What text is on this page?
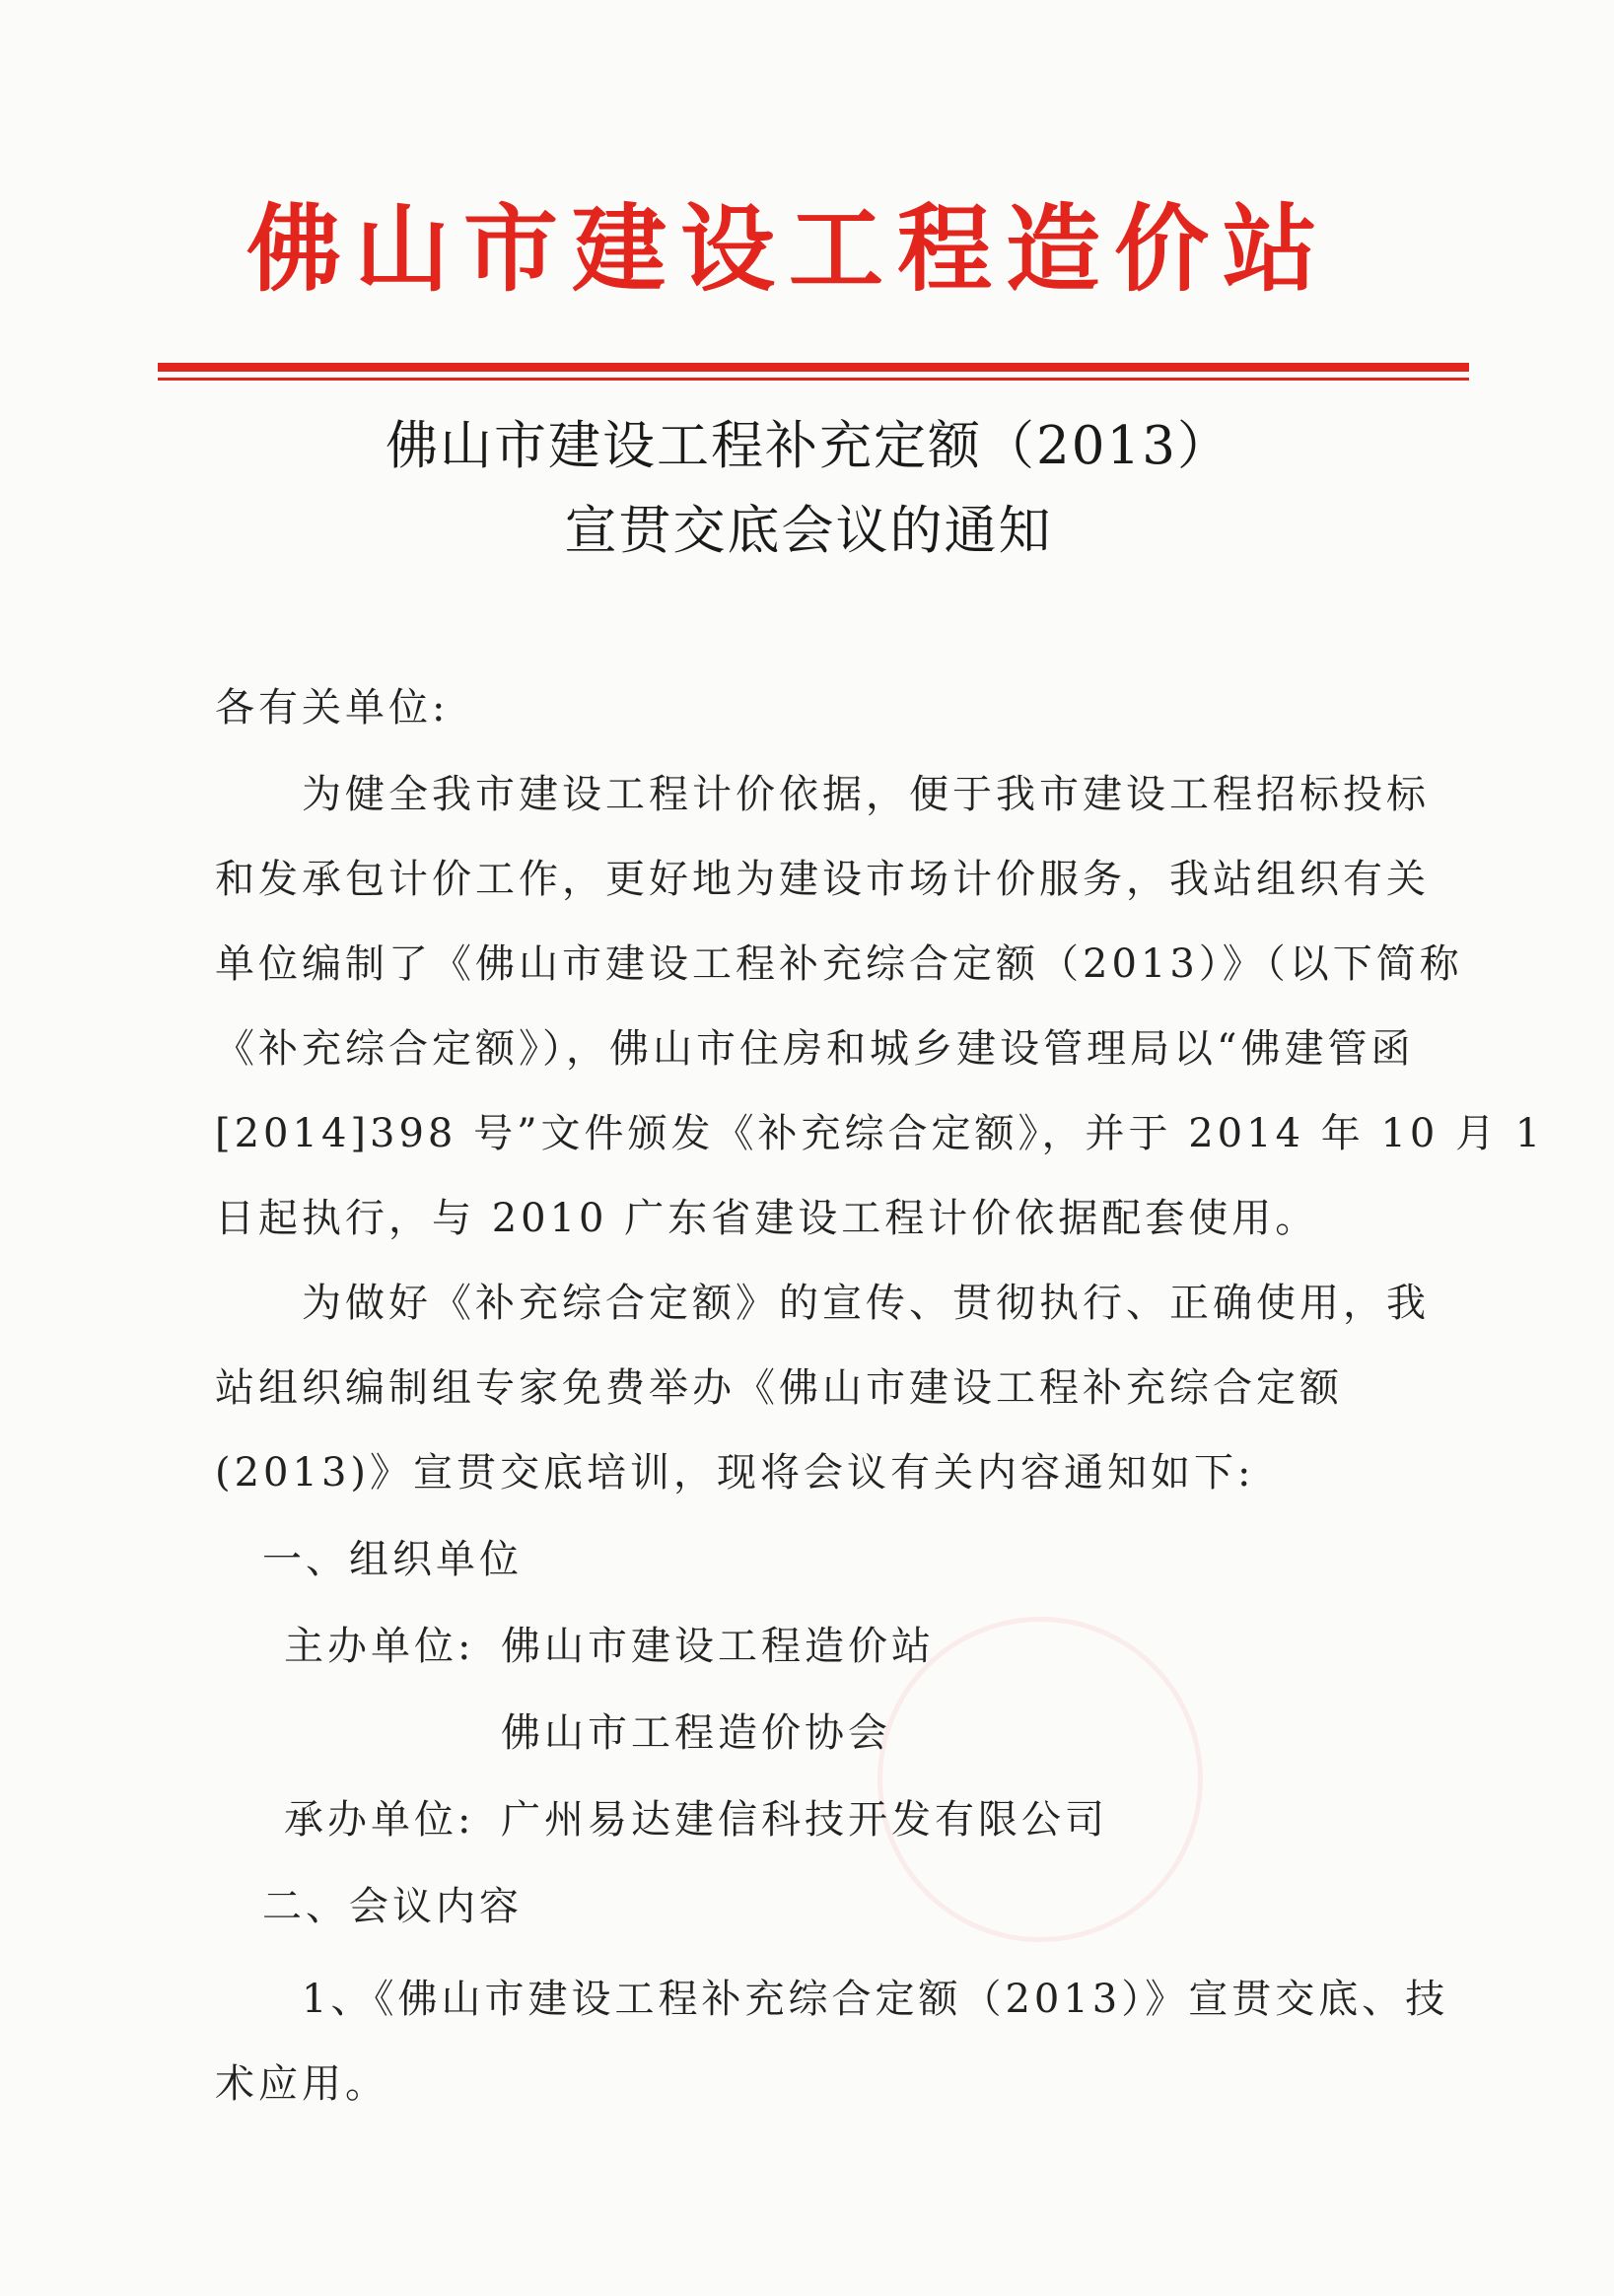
佛山市建设工程造价站
佛山市建设工程补充定额（2013）
宣贯交底会议的通知
各有关单位:
为健全我市建设工程计价依据，便于我市建设工程招标投标
和发承包计价工作，更好地为建设市场计价服务，我站组织有关
单位编制了《佛山市建设工程补充综合定额（2013）》（以下简称
《补充综合定额》），佛山市住房和城乡建设管理局以“佛建管函
[2014]398 号”文件颁发《补充综合定额》，并于 2014 年 10 月 1
日起执行，与 2010 广东省建设工程计价依据配套使用。
为做好《补充综合定额》的宣传、贯彻执行、正确使用，我
站组织编制组专家免费举办《佛山市建设工程补充综合定额
(2013)》宣贯交底培训，现将会议有关内容通知如下:
一、组织单位
主办单位: 佛山市建设工程造价站
佛山市工程造价协会
承办单位: 广州易达建信科技开发有限公司
二、会议内容
1、《佛山市建设工程补充综合定额（2013）》宣贯交底、技
术应用。
